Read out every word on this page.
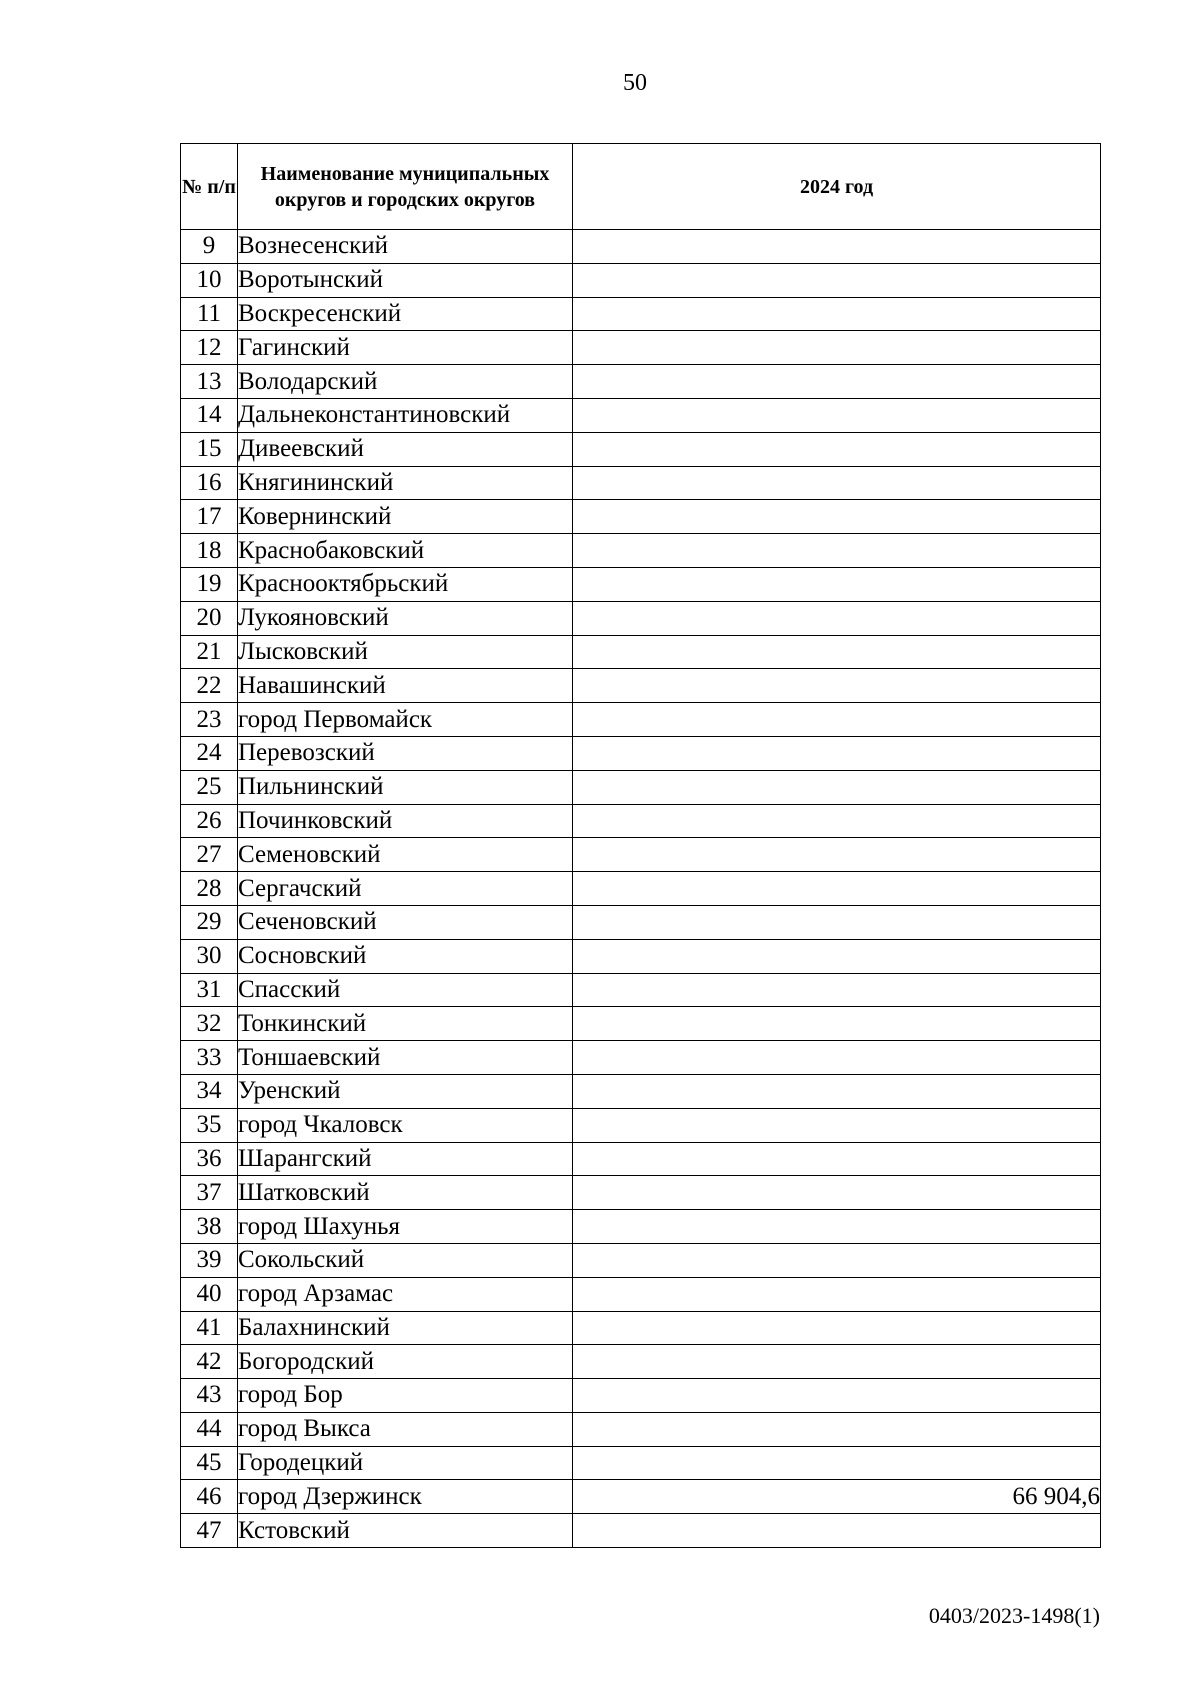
50
№ п/п	Наименование муниципальных округов и городских округов	2024 год
9	Вознесенский	
10	Воротынский	
11	Воскресенский	
12	Гагинский	
13	Володарский	
14	Дальнеконстантиновский	
15	Дивеевский	
16	Княгининский	
17	Ковернинский	
18	Краснобаковский	
19	Краснооктябрьский	
20	Лукояновский	
21	Лысковский	
22	Навашинский	
23	город Первомайск	
24	Перевозский	
25	Пильнинский	
26	Починковский	
27	Семеновский	
28	Сергачский	
29	Сеченовский	
30	Сосновский	
31	Спасский	
32	Тонкинский	
33	Тоншаевский	
34	Уренский	
35	город Чкаловск	
36	Шарангский	
37	Шатковский	
38	город Шахунья	
39	Сокольский	
40	город Арзамас	
41	Балахнинский	
42	Богородский	
43	город Бор	
44	город Выкса	
45	Городецкий	
46	город Дзержинск	66 904,6
47	Кстовский	
0403/2023-1498(1)
